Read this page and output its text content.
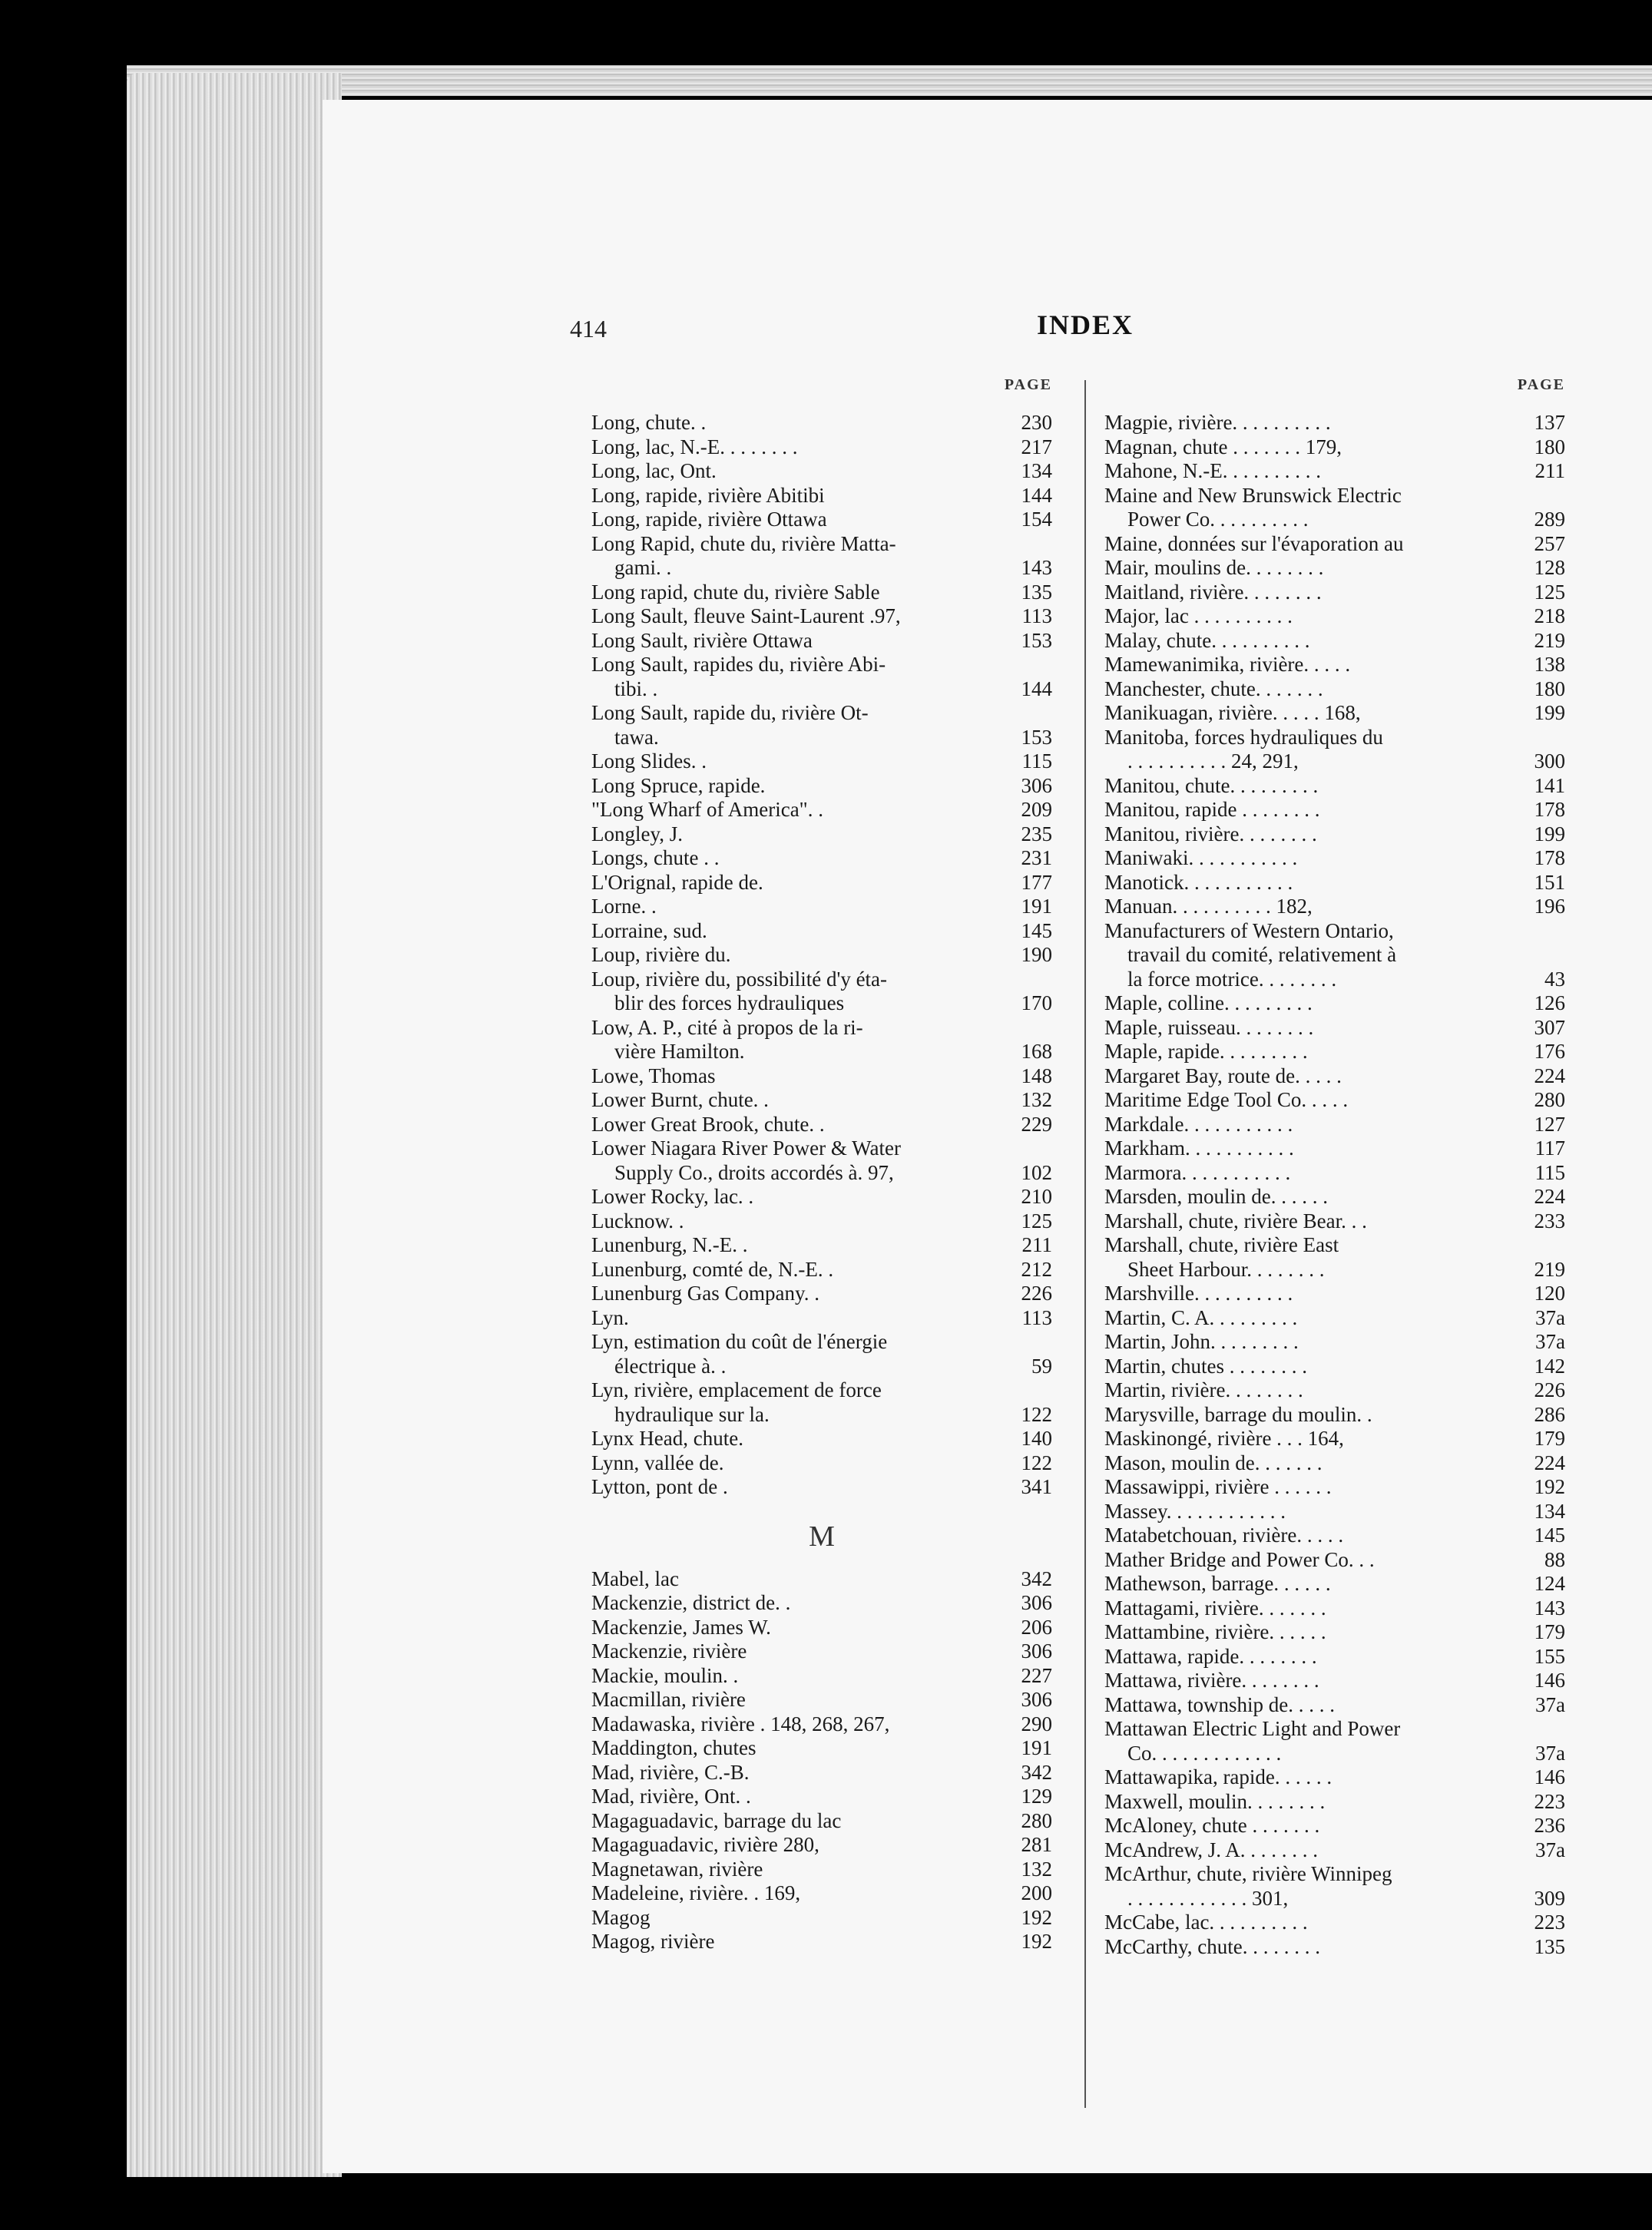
414	INDEX
PAGE
Long, chute. .	230
Long, lac, N.-E. . . . . . . .	217
Long, lac, Ont.	134
Long, rapide, rivière Abitibi	144
Long, rapide, rivière Ottawa	154
Long Rapid, chute du, rivière Matta-
gami. .	143
Long rapid, chute du, rivière Sable	135
Long Sault, fleuve Saint-Laurent .97,	113
Long Sault, rivière Ottawa	153
Long Sault, rapides du, rivière Abi-
tibi. .	144
Long Sault, rapide du, rivière Ot-
tawa.	153
Long Slides. .	115
Long Spruce, rapide.	306
"Long Wharf of America". .	209
Longley, J.	235
Longs, chute . .	231
L'Orignal, rapide de.	177
Lorne. .	191
Lorraine, sud.	145
Loup, rivière du.	190
Loup, rivière du, possibilité d'y éta-
blir des forces hydrauliques	170
Low, A. P., cité à propos de la ri-
vière Hamilton.	168
Lowe, Thomas	148
Lower Burnt, chute. .	132
Lower Great Brook, chute. .	229
Lower Niagara River Power & Water
Supply Co., droits accordés à. 97,	102
Lower Rocky, lac. .	210
Lucknow. .	125
Lunenburg, N.-E. .	211
Lunenburg, comté de, N.-E. .	212
Lunenburg Gas Company. .	226
Lyn.	113
Lyn, estimation du coût de l'énergie
électrique à. .	59
Lyn, rivière, emplacement de force
hydraulique sur la.	122
Lynx Head, chute.	140
Lynn, vallée de.	122
Lytton, pont de .	341
M
Mabel, lac	342
Mackenzie, district de. .	306
Mackenzie, James W.	206
Mackenzie, rivière	306
Mackie, moulin. .	227
Macmillan, rivière	306
Madawaska, rivière . 148, 268, 267,	290
Maddington, chutes	191
Mad, rivière, C.-B.	342
Mad, rivière, Ont. .	129
Magaguadavic, barrage du lac	280
Magaguadavic, rivière 280,	281
Magnetawan, rivière	132
Madeleine, rivière. . 169,	200
Magog	192
Magog, rivière	192
PAGE
Magpie, rivière. . . . . . . . . .	137
Magnan, chute . . . . . . . 179,	180
Mahone, N.-E. . . . . . . . . .	211
Maine and New Brunswick Electric
Power Co. . . . . . . . . .	289
Maine, données sur l'évaporation au	257
Mair, moulins de. . . . . . . .	128
Maitland, rivière. . . . . . . .	125
Major, lac . . . . . . . . . .	218
Malay, chute. . . . . . . . . .	219
Mamewanimika, rivière. . . . .	138
Manchester, chute. . . . . . .	180
Manikuagan, rivière. . . . . 168,	199
Manitoba, forces hydrauliques du
. . . . . . . . . . 24, 291,	300
Manitou, chute. . . . . . . . .	141
Manitou, rapide . . . . . . . .	178
Manitou, rivière. . . . . . . .	199
Maniwaki. . . . . . . . . . .	178
Manotick. . . . . . . . . . .	151
Manuan. . . . . . . . . . 182,	196
Manufacturers of Western Ontario,
travail du comité, relativement à
la force motrice. . . . . . . .	43
Maple, colline. . . . . . . . .	126
Maple, ruisseau. . . . . . . .	307
Maple, rapide. . . . . . . . .	176
Margaret Bay, route de. . . . .	224
Maritime Edge Tool Co. . . . .	280
Markdale. . . . . . . . . . .	127
Markham. . . . . . . . . . .	117
Marmora. . . . . . . . . . .	115
Marsden, moulin de. . . . . .	224
Marshall, chute, rivière Bear. . .	233
Marshall, chute, rivière East
Sheet Harbour. . . . . . . .	219
Marshville. . . . . . . . . .	120
Martin, C. A. . . . . . . . .	37a
Martin, John. . . . . . . . .	37a
Martin, chutes . . . . . . . .	142
Martin, rivière. . . . . . . .	226
Marysville, barrage du moulin. .	286
Maskinongé, rivière . . . 164,	179
Mason, moulin de. . . . . . .	224
Massawippi, rivière . . . . . .	192
Massey. . . . . . . . . . . .	134
Matabetchouan, rivière. . . . .	145
Mather Bridge and Power Co. . .	88
Mathewson, barrage. . . . . .	124
Mattagami, rivière. . . . . . .	143
Mattambine, rivière. . . . . .	179
Mattawa, rapide. . . . . . . .	155
Mattawa, rivière. . . . . . . .	146
Mattawa, township de. . . . .	37a
Mattawan Electric Light and Power
Co. . . . . . . . . . . . .	37a
Mattawapika, rapide. . . . . .	146
Maxwell, moulin. . . . . . . .	223
McAloney, chute . . . . . . .	236
McAndrew, J. A. . . . . . . .	37a
McArthur, chute, rivière Winnipeg
. . . . . . . . . . . . 301,	309
McCabe, lac. . . . . . . . . .	223
McCarthy, chute. . . . . . . .	135
